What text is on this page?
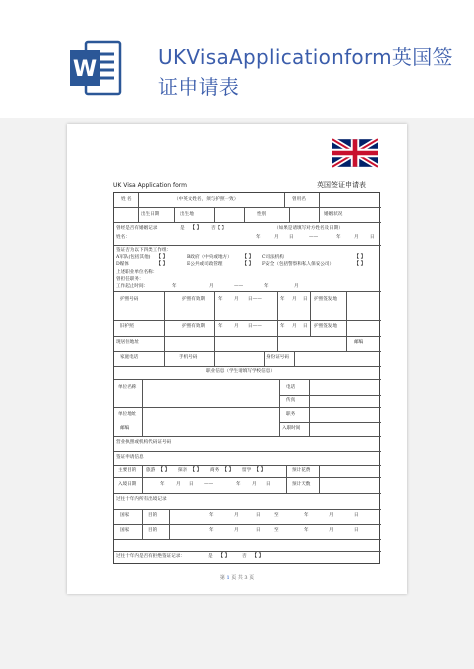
W	UKVisaApplicationform英国签证申请表
UK Visa Application form	英国签证申请表
姓 名	（中英文姓名，须与护照一致）	曾用名
出生日期	出生地	性别	婚姻状况
曾经是否有婚姻记录	是 【 】 否【 】	（如果是请填写对方姓名及日期）
姓名：	年	月 日	——	年	月 日
签证否为以下四类工作组：
A军队(包括其他) 【 】	B政府（中央或地方） 【 】 C司法机构	【 】
D媒体	【 】	E公共或司政管理	【 】 F安全（包括警察和私人保安公司）	【 】
上述职业单位名称：
曾担任职务：
工作起止时间：	年	月	——	年	月
护照号码	护照有效期	年 月 日——	年 月 日 护照签发地
旧护照	护照有效期	年 月 日——	年 月 日 护照签发地
现居住地址	邮编
家庭电话	手机号码	身份证号码
职业信息（学生请填写学校信息）
单位名称	电话
传真
单位地址	职务
邮编	入职时间
营业执照或机构代码证号码
签证申请信息
主要目的 旅游 【 】 探亲 【 】 商务 【 】 留学 【 】	预计花费
入境日期	年 月 日 ——	年 月 日	预计天数
过往十年内所有出境记录
国家	目的	年	月	日	至	年	月	日
国家	目的	年	月	日	至	年	月	日
过往十年内是否有拒绝签证记录：	是 【 】	否 【 】
第 1 页 共 3 页
